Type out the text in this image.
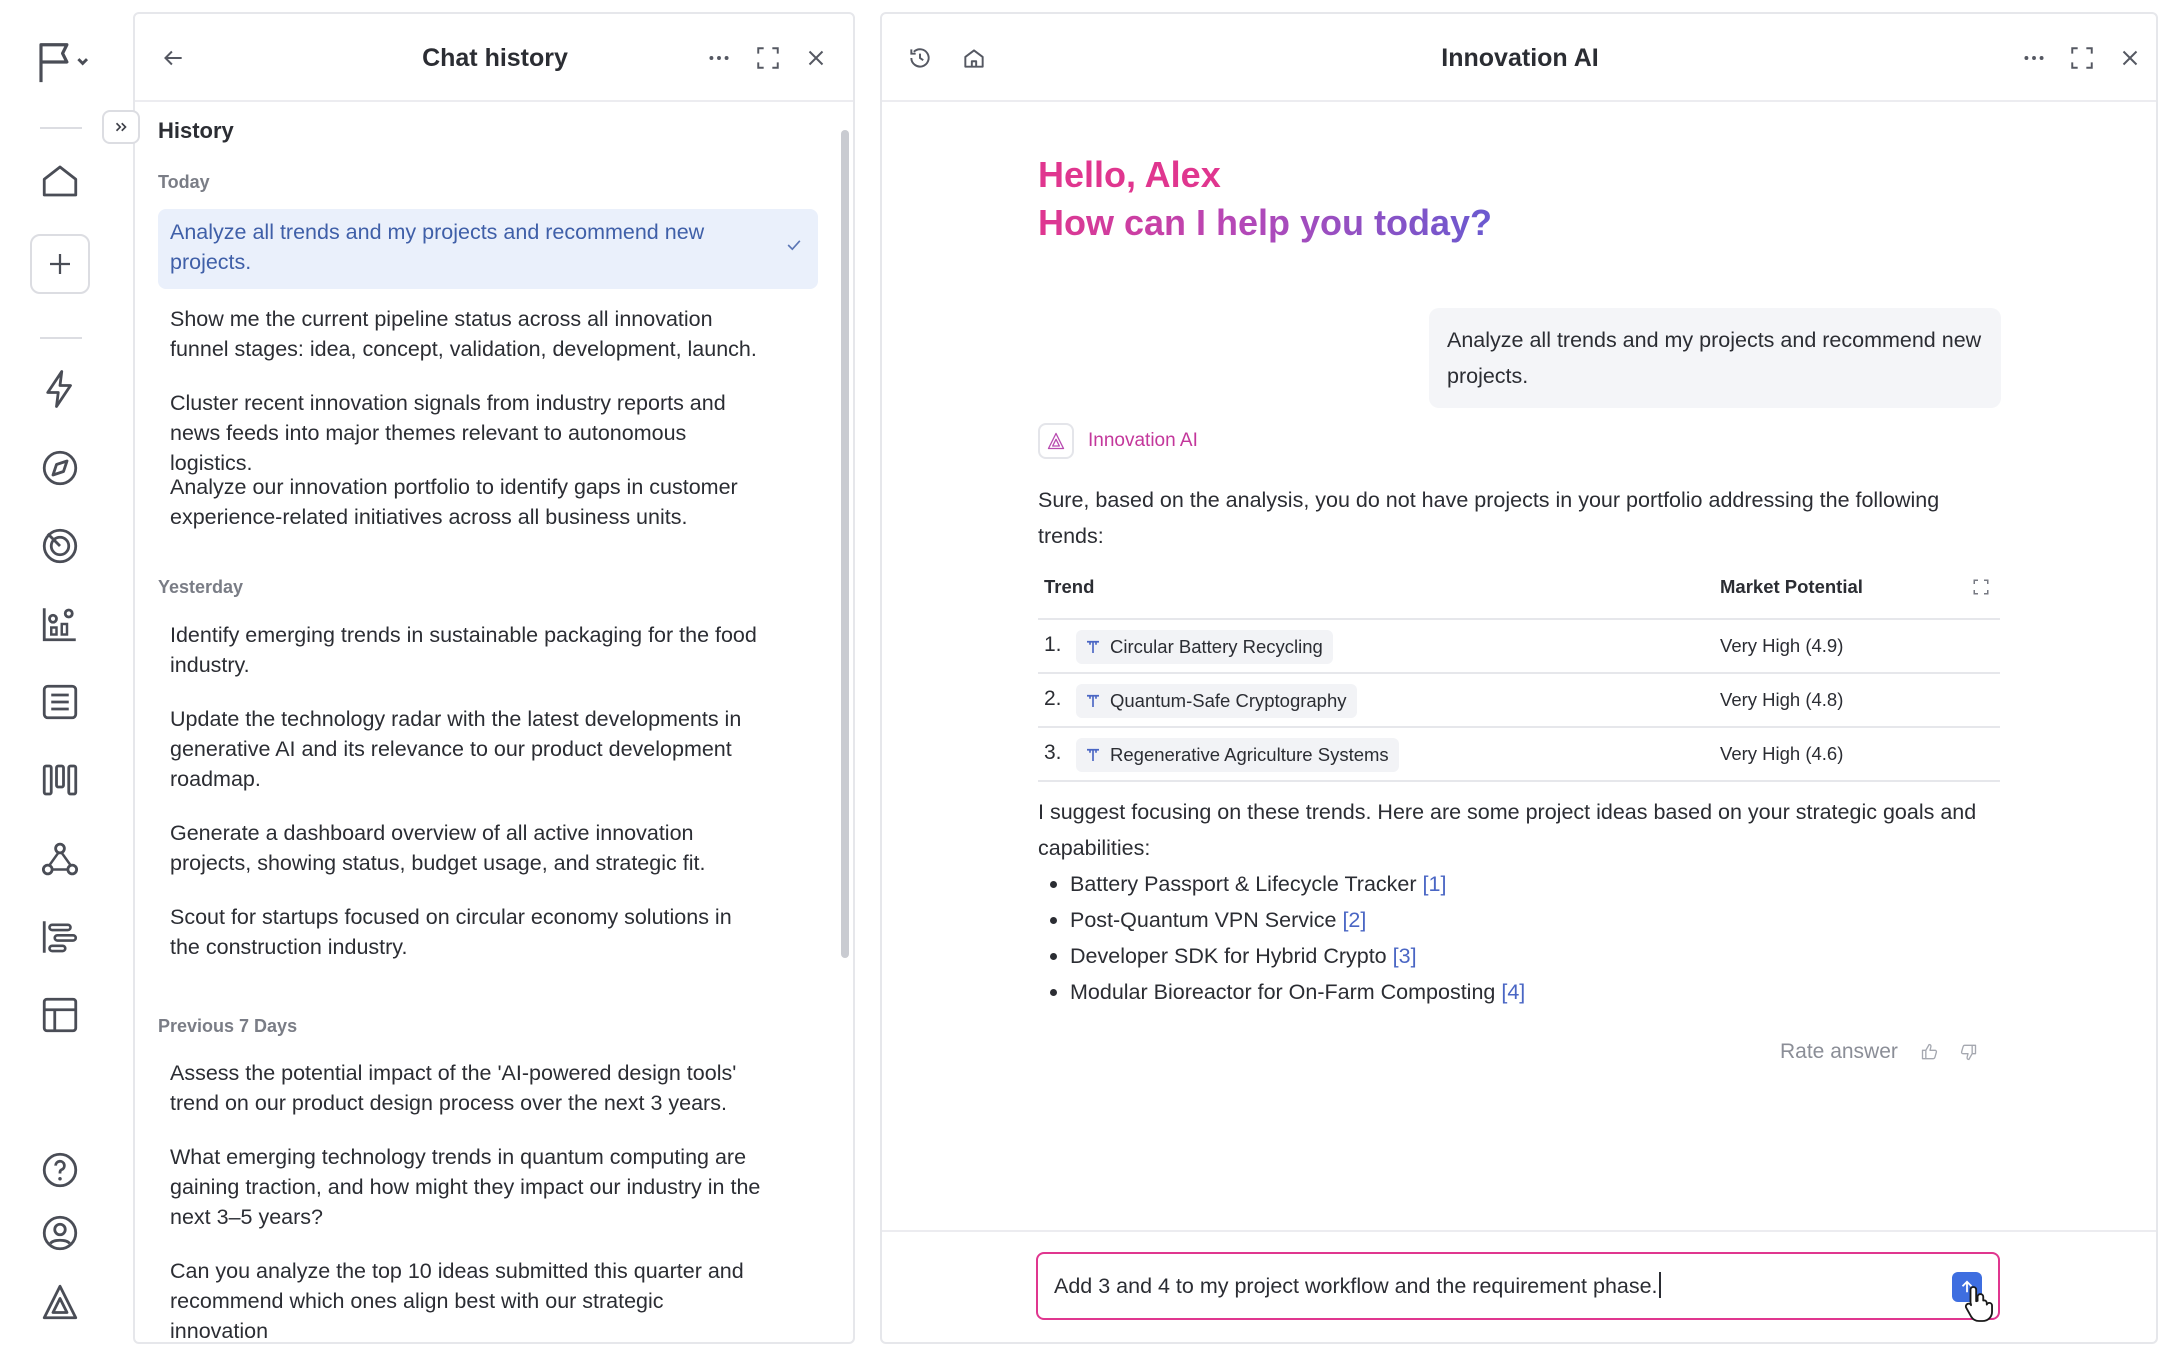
Chat history
History
Today
Analyze all trends and my projects and recommend new projects.
Show me the current pipeline status across all innovation funnel stages: idea, concept, validation, development, launch.
Cluster recent innovation signals from industry reports and news feeds into major themes relevant to autonomous logistics.
Analyze our innovation portfolio to identify gaps in customer experience-related initiatives across all business units.
Yesterday
Identify emerging trends in sustainable packaging for the food industry.
Update the technology radar with the latest developments in generative AI and its relevance to our product development roadmap.
Generate a dashboard overview of all active innovation projects, showing status, budget usage, and strategic fit.
Scout for startups focused on circular economy solutions in the construction industry.
Previous 7 Days
Assess the potential impact of the 'AI-powered design tools' trend on our product design process over the next 3 years.
What emerging technology trends in quantum computing are gaining traction, and how might they impact our industry in the next 3–5 years?
Can you analyze the top 10 ideas submitted this quarter and recommend which ones align best with our strategic innovation
Innovation AI
Hello, Alex
How can I help you today?
Analyze all trends and my projects and recommend new projects.
Innovation AI
Sure, based on the analysis, you do not have projects in your portfolio addressing the following trends:
Trend	Market Potential
1.	Circular Battery Recycling	Very High (4.9)
2.	Quantum-Safe Cryptography	Very High (4.8)
3.	Regenerative Agriculture Systems	Very High (4.6)
I suggest focusing on these trends. Here are some project ideas based on your strategic goals and capabilities:
Battery Passport & Lifecycle Tracker [1]
Post-Quantum VPN Service [2]
Developer SDK for Hybrid Crypto [3]
Modular Bioreactor for On-Farm Composting [4]
Rate answer
Add 3 and 4 to my project workflow and the requirement phase.
